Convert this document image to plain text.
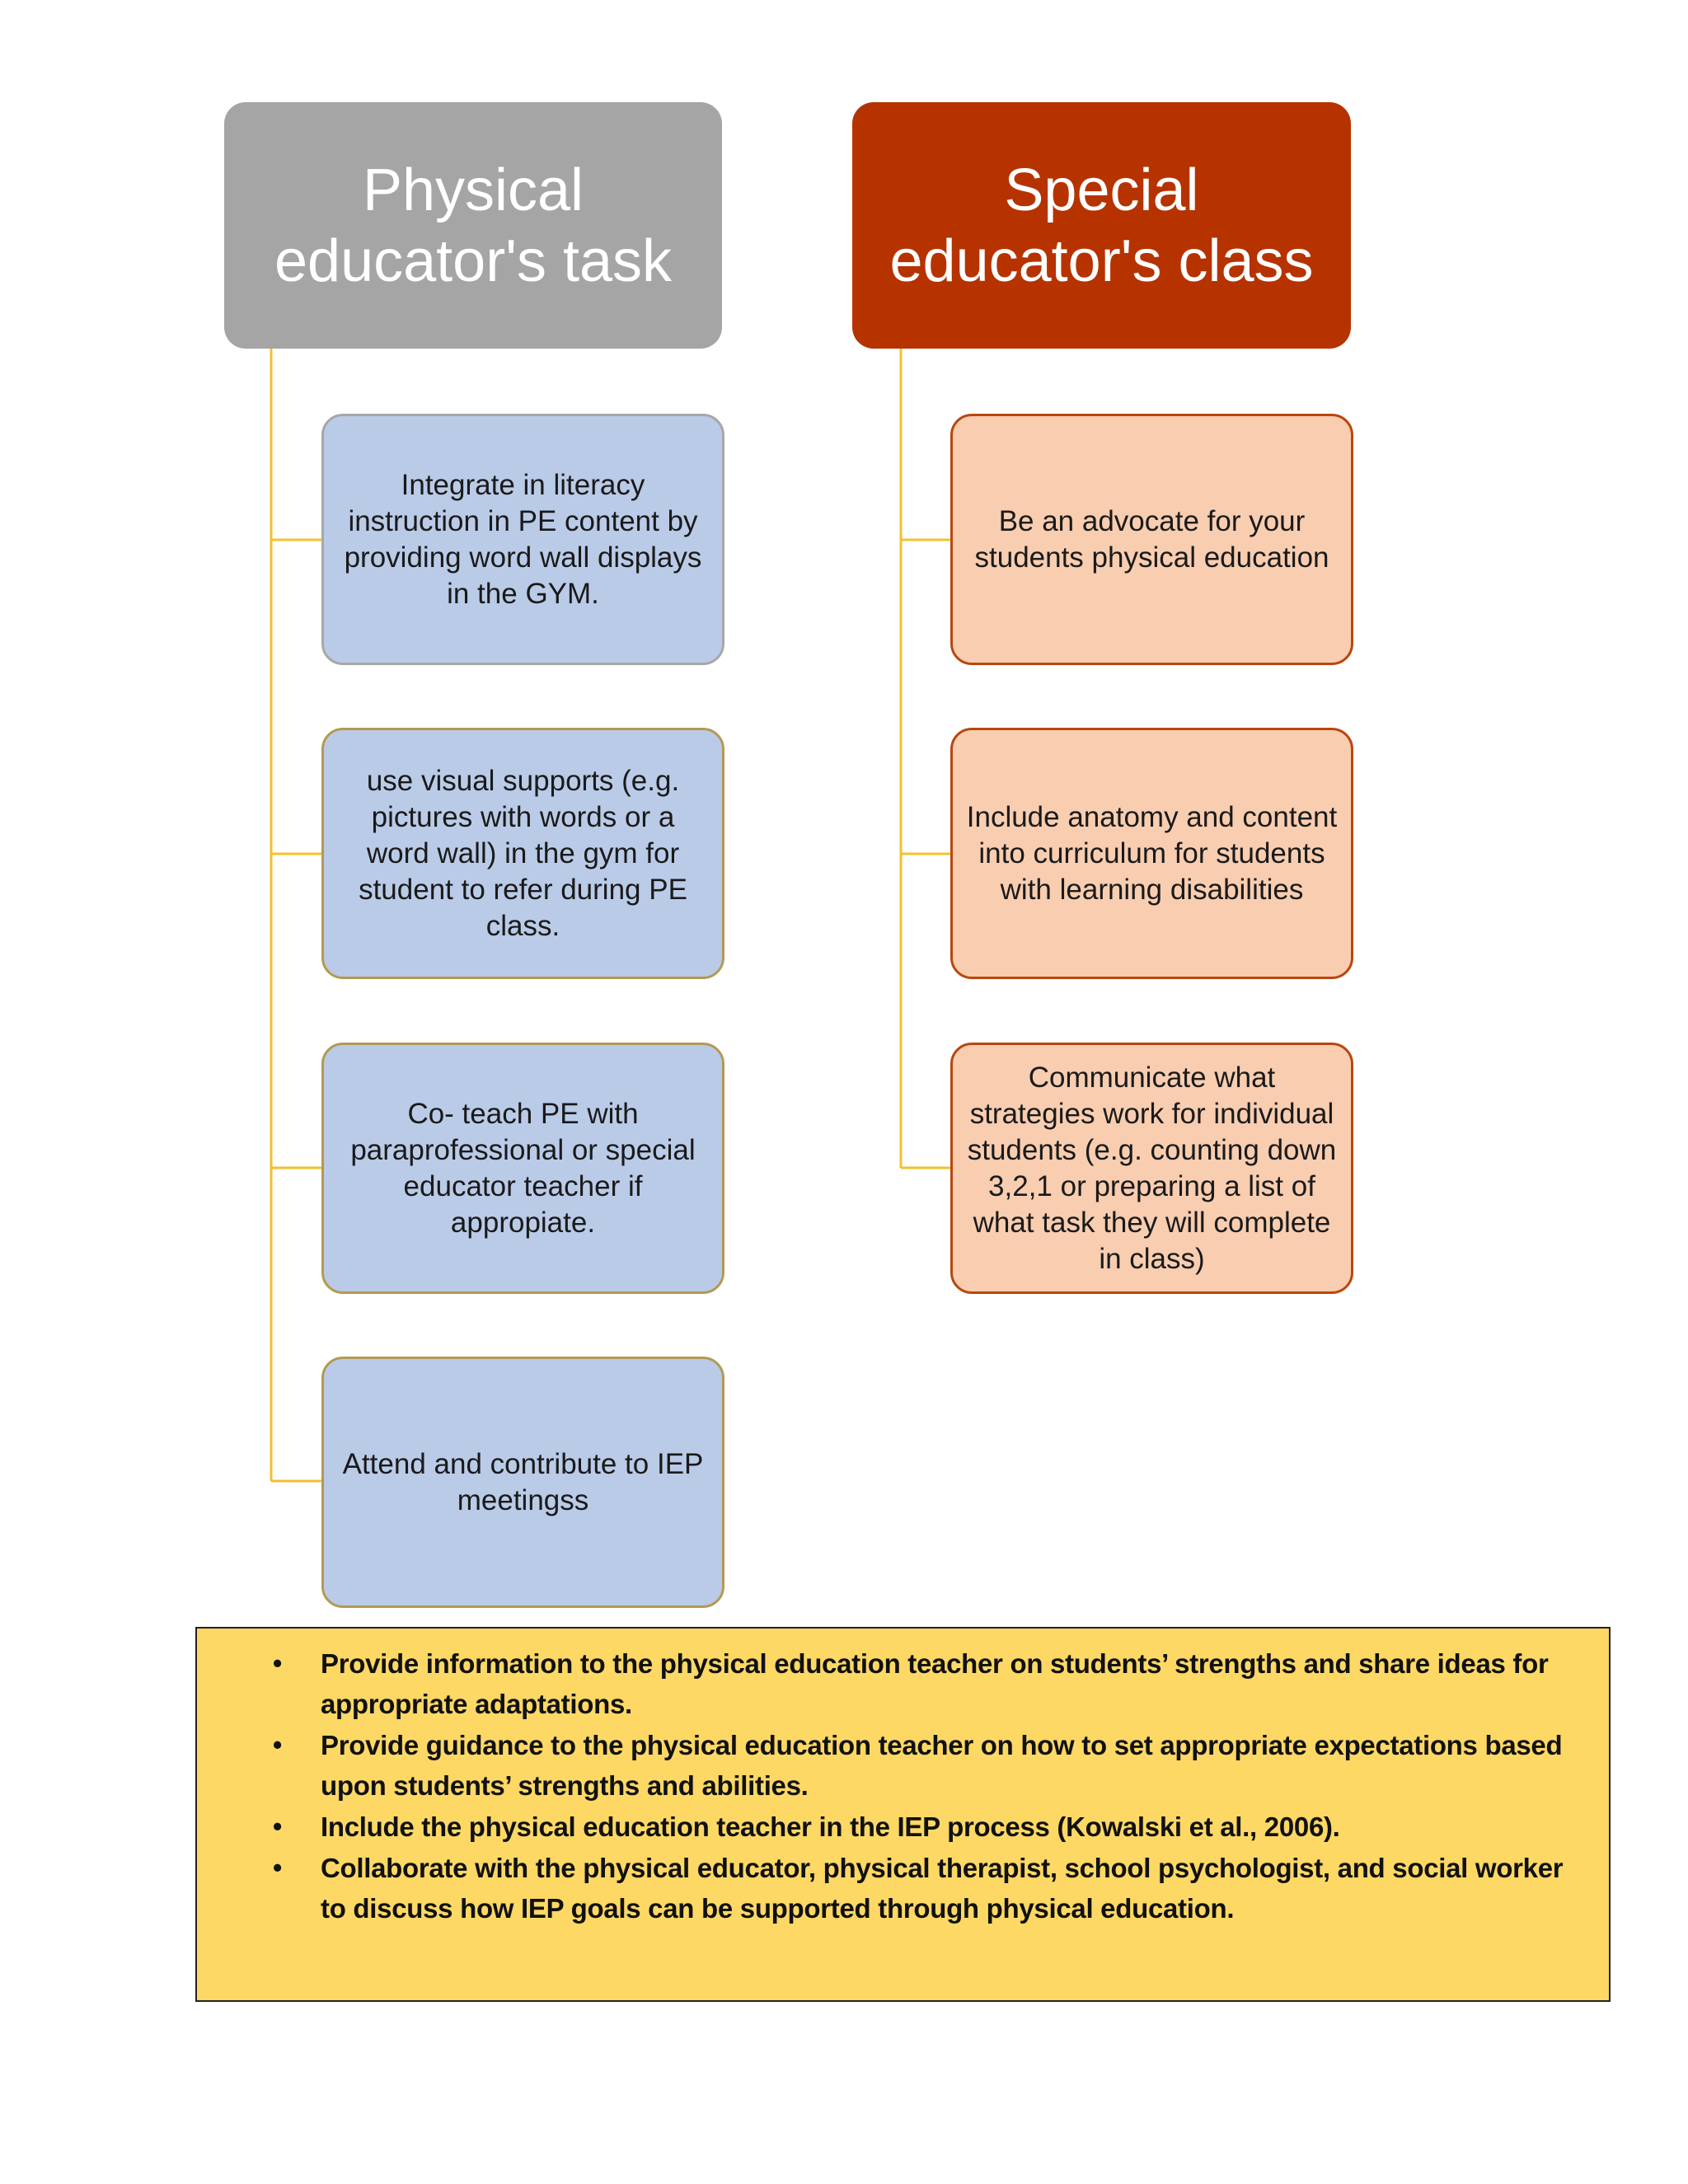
Physical
educator's task
Special
educator's class
Integrate in literacy instruction in PE content by providing word wall displays in the GYM.
use visual supports (e.g. pictures with words or a word wall) in the gym for student to refer during PE class.
Co- teach PE with paraprofessional or special educator teacher if appropiate.
Attend and contribute to IEP meetingss
Be an advocate for your students physical education
Include anatomy and content into curriculum for students with learning disabilities
Communicate what strategies work for individual students (e.g. counting down 3,2,1 or preparing a list of what task they will complete in class)
• Provide information to the physical education teacher on students’ strengths and share ideas for appropriate adaptations.
• Provide guidance to the physical education teacher on how to set appropriate expectations based upon students’ strengths and abilities.
• Include the physical education teacher in the IEP process (Kowalski et al., 2006).
• Collaborate with the physical educator, physical therapist, school psychologist, and social worker to discuss how IEP goals can be supported through physical education.
